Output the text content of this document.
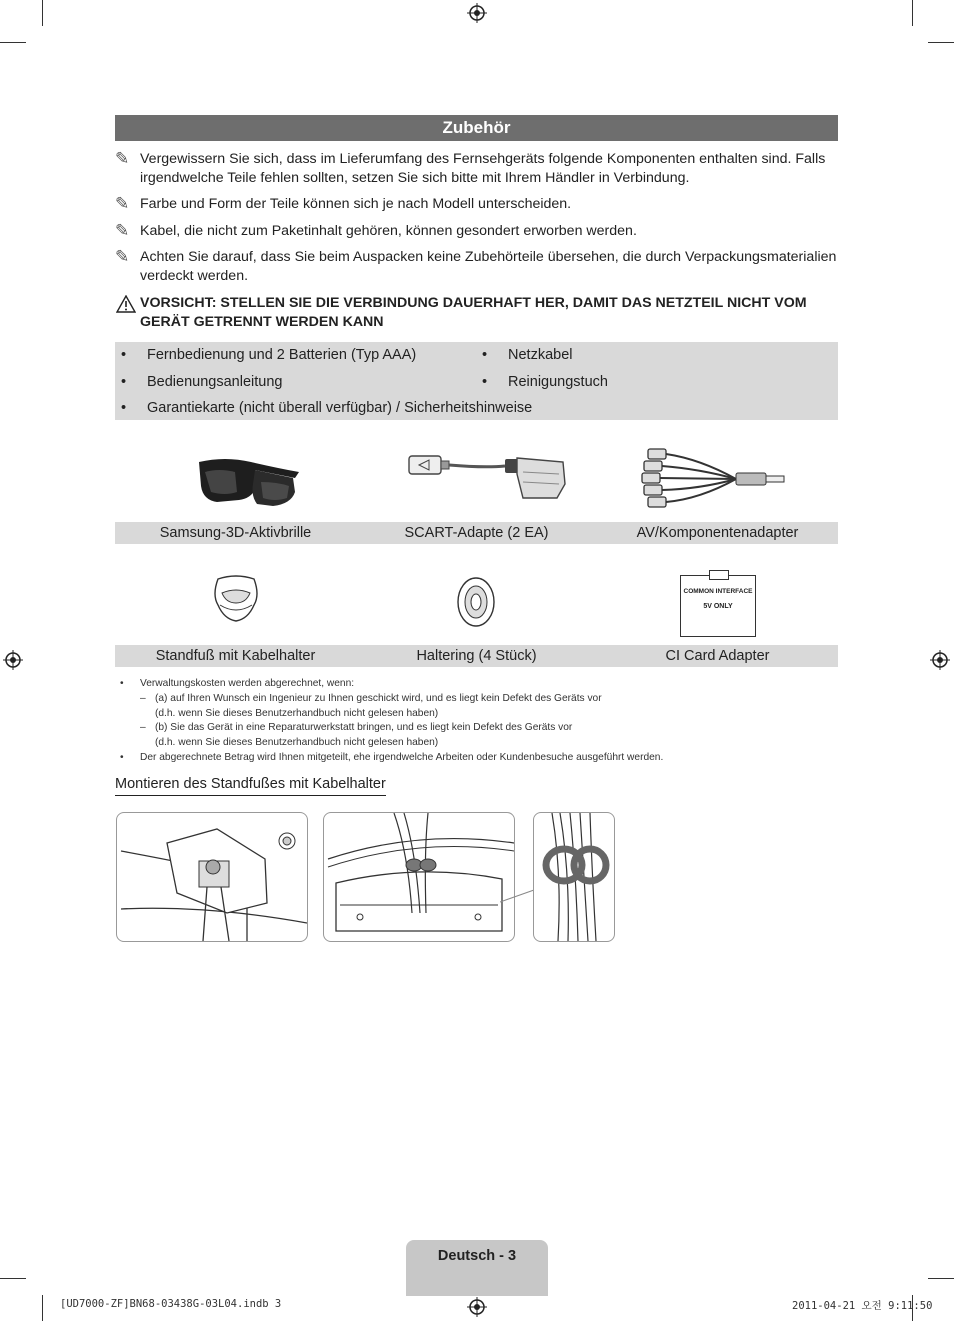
Zubehör
✎ Vergewissern Sie sich, dass im Lieferumfang des Fernsehgeräts folgende Komponenten enthalten sind. Falls irgendwelche Teile fehlen sollten, setzen Sie sich bitte mit Ihrem Händler in Verbindung.
✎ Farbe und Form der Teile können sich je nach Modell unterscheiden.
✎ Kabel, die nicht zum Paketinhalt gehören, können gesondert erworben werden.
✎ Achten Sie darauf, dass Sie beim Auspacken keine Zubehörteile übersehen, die durch Verpackungsmaterialien verdeckt werden.
VORSICHT: STELLEN SIE DIE VERBINDUNG DAUERHAFT HER, DAMIT DAS NETZTEIL NICHT VOM GERÄT GETRENNT WERDEN KANN
• Fernbedienung und 2 Batterien (Typ AAA)	• Netzkabel
• Bedienungsanleitung	• Reinigungstuch
• Garantiekarte (nicht überall verfügbar) / Sicherheitshinweise
Samsung-3D-Aktivbrille	SCART-Adapte (2 EA)	AV/Komponentenadapter
COMMON INTERFACE
5V ONLY
Standfuß mit Kabelhalter	Haltering (4 Stück)	CI Card Adapter
• Verwaltungskosten werden abgerechnet, wenn:
– (a) auf Ihren Wunsch ein Ingenieur zu Ihnen geschickt wird, und es liegt kein Defekt des Geräts vor
(d.h. wenn Sie dieses Benutzerhandbuch nicht gelesen haben)
– (b) Sie das Gerät in eine Reparaturwerkstatt bringen, und es liegt kein Defekt des Geräts vor
(d.h. wenn Sie dieses Benutzerhandbuch nicht gelesen haben)
• Der abgerechnete Betrag wird Ihnen mitgeteilt, ehe irgendwelche Arbeiten oder Kundenbesuche ausgeführt werden.
Montieren des Standfußes mit Kabelhalter
Deutsch - 3
[UD7000-ZF]BN68-03438G-03L04.indb 3	2011-04-21 오전 9:11:50
